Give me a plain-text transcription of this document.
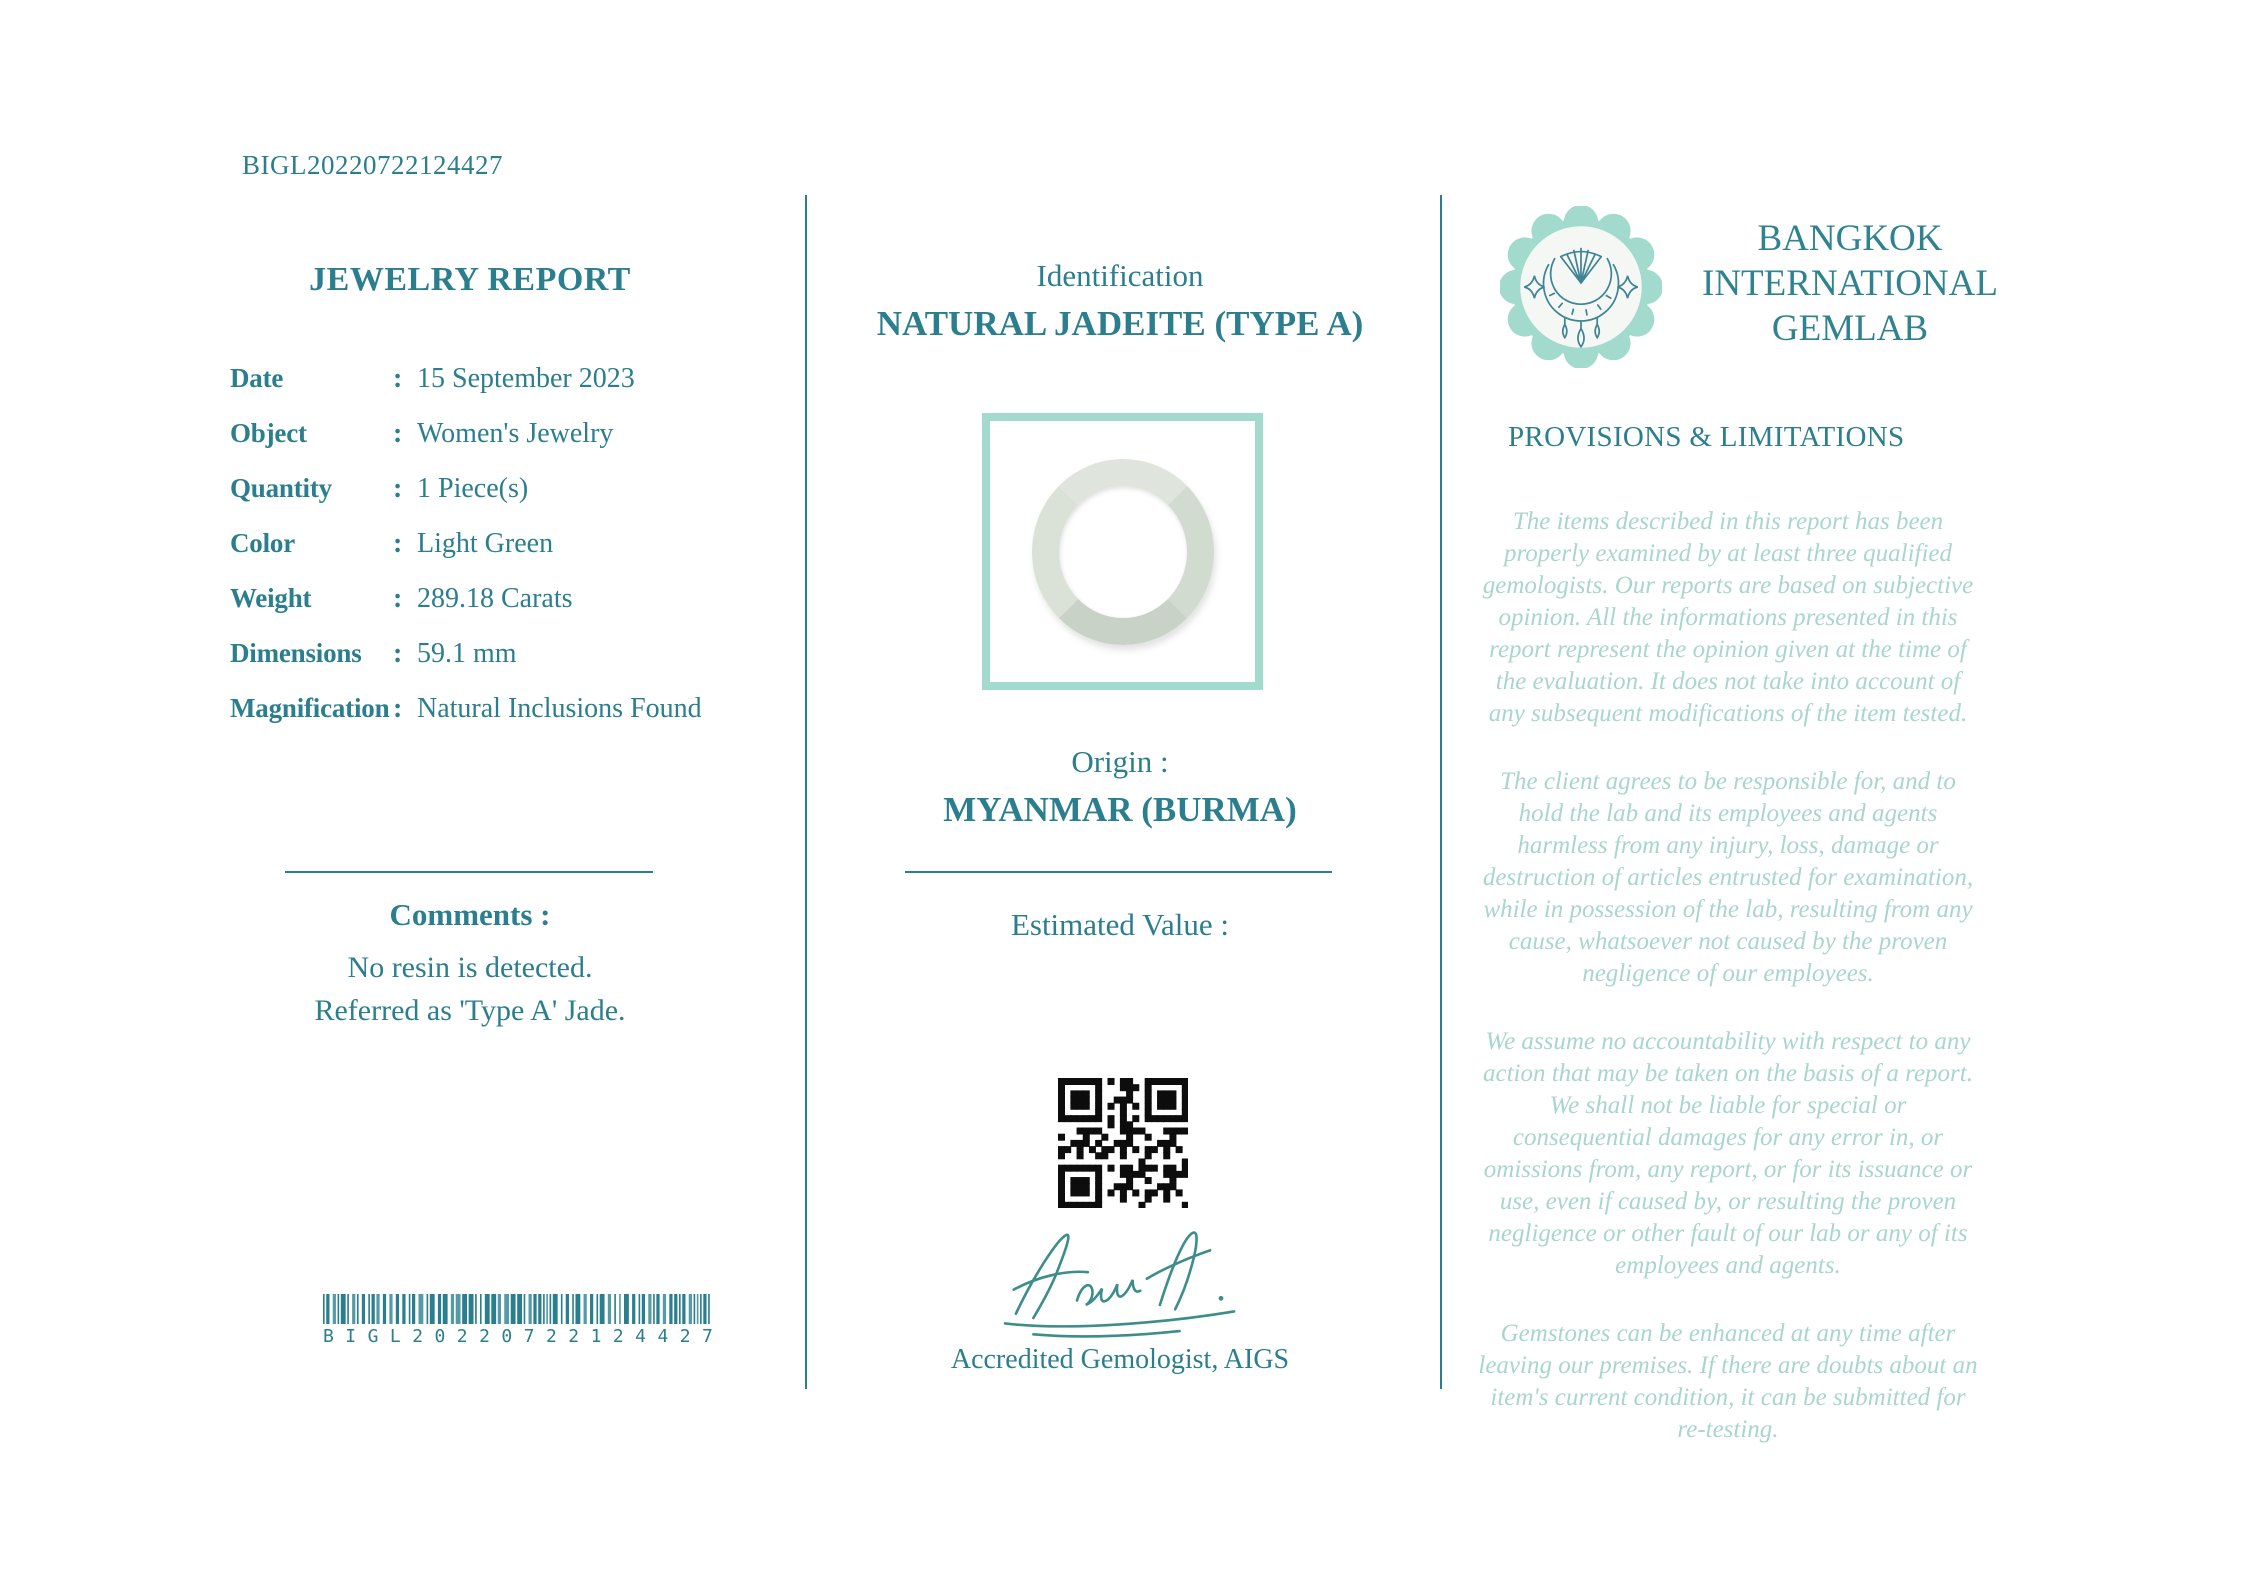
BIGL20220722124427
JEWELRY REPORT
Date	: 15 September 2023
Object	: Women's Jewelry
Quantity	: 1 Piece(s)
Color	: Light Green
Weight	: 289.18 Carats
Dimensions	: 59.1 mm
Magnification : Natural Inclusions Found
Comments :
No resin is detected.
Referred as 'Type A' Jade.
B I G L 2 0 2 2 0 7 2 2 1 2 4 4 2 7
Identification
NATURAL JADEITE (TYPE A)
Origin :
MYANMAR (BURMA)
Estimated Value :
Accredited Gemologist, AIGS
BANGKOK
INTERNATIONAL
GEMLAB
PROVISIONS & LIMITATIONS

The items described in this report has been properly examined by at least three qualified gemologists. Our reports are based on subjective opinion. All the informations presented in this report represent the opinion given at the time of the evaluation. It does not take into account of any subsequent modifications of the item tested.

The client agrees to be responsible for, and to hold the lab and its employees and agents harmless from any injury, loss, damage or destruction of articles entrusted for examination, while in possession of the lab, resulting from any cause, whatsoever not caused by the proven negligence of our employees.

We assume no accountability with respect to any action that may be taken on the basis of a report. We shall not be liable for special or consequential damages for any error in, or omissions from, any report, or for its issuance or use, even if caused by, or resulting the proven negligence or other fault of our lab or any of its employees and agents.

Gemstones can be enhanced at any time after leaving our premises. If there are doubts about an item's current condition, it can be submitted for re-testing.
